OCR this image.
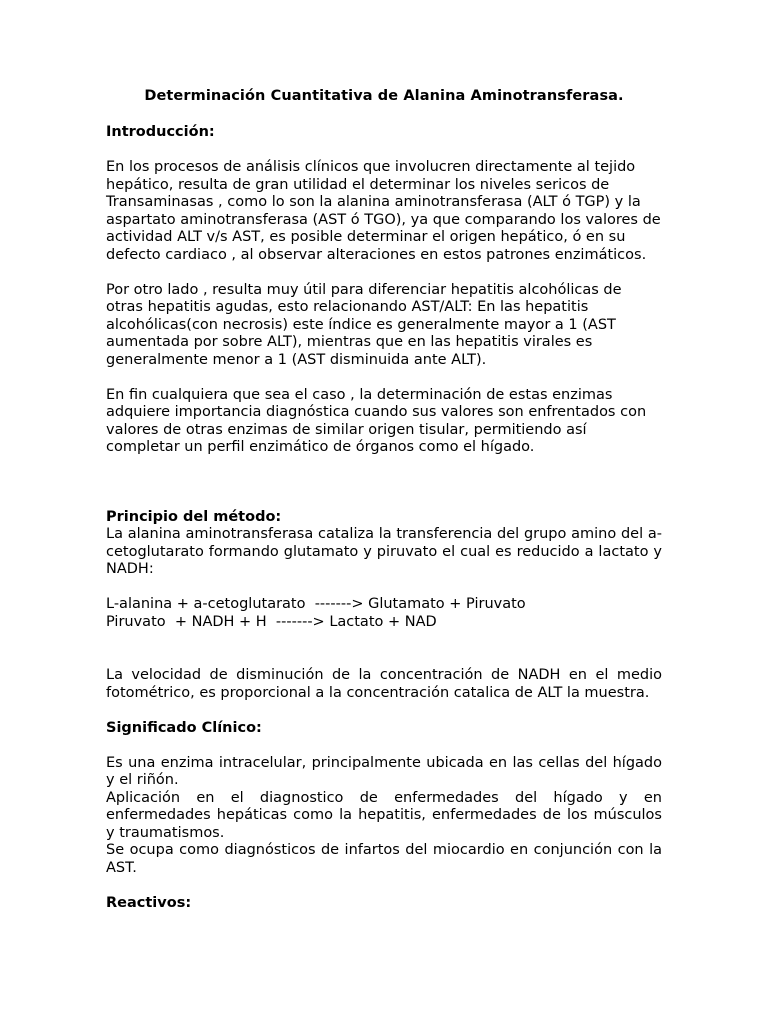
Determinación Cuantitativa de Alanina Aminotransferasa.

Introducción:

En los procesos de análisis clínicos que involucren directamente al tejido hepático, resulta de gran utilidad el determinar los niveles sericos de Transaminasas , como lo son la alanina aminotransferasa (ALT ó TGP) y la aspartato aminotransferasa (AST ó TGO), ya que comparando los valores de actividad ALT v/s AST, es posible determinar el origen hepático, ó en su defecto cardiaco , al observar alteraciones en estos patrones enzimáticos.

Por otro lado , resulta muy útil para diferenciar hepatitis alcohólicas de otras hepatitis agudas, esto relacionando AST/ALT: En las hepatitis alcohólicas(con necrosis) este índice es generalmente mayor a 1 (AST aumentada por sobre ALT), mientras que en las hepatitis virales es generalmente menor a 1 (AST disminuida ante ALT).

En fin cualquiera que sea el caso , la determinación de estas enzimas adquiere importancia diagnóstica cuando sus valores son enfrentados con valores de otras enzimas de similar origen tisular, permitiendo así completar un perfil enzimático de órganos como el hígado.

Principio del método:

La alanina aminotransferasa cataliza la transferencia del grupo amino del a-cetoglutarato formando glutamato y piruvato el cual es reducido a lactato y NADH:

L-alanina + a-cetoglutarato  -------> Glutamato + Piruvato

Piruvato  + NADH + H  -------> Lactato + NAD

La velocidad de disminución de la concentración de NADH en el medio fotométrico, es proporcional a la concentración catalica de ALT la muestra.

Significado Clínico:

Es una enzima intracelular, principalmente ubicada en las cellas del hígado y el riñón.

Aplicación en el diagnostico de enfermedades del hígado y en enfermedades hepáticas como la hepatitis, enfermedades de los músculos y traumatismos.

Se ocupa como diagnósticos de infartos del miocardio en conjunción con la AST.

Reactivos:
